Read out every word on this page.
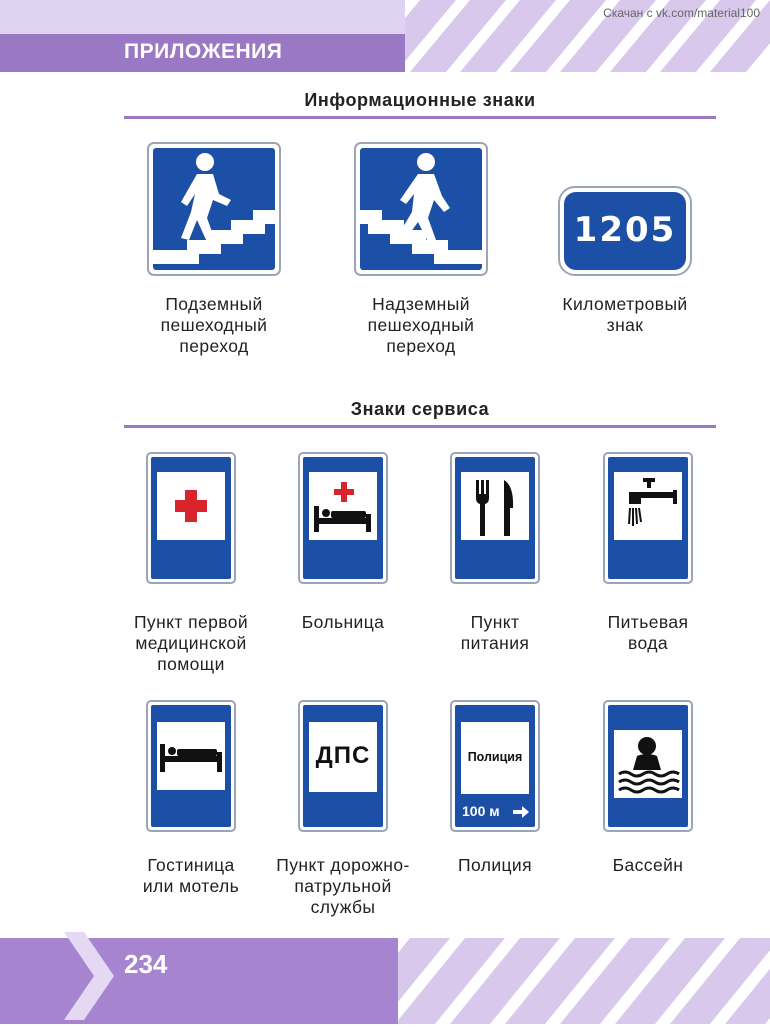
ПРИЛОЖЕНИЯ
Скачан с vk.com/material100
Информационные знаки
Подземный
пешеходный
переход
Надземный
пешеходный
переход
1205
Километровый
знак
Знаки сервиса
Пункт первой
медицинской
помощи
Больница	Пункт
питания
Питьевая
вода
Гостиница
или мотель
ДПС
Пункт дорожно-
патрульной
службы
Полиция
100 м
Полиция	Бассейн
234
